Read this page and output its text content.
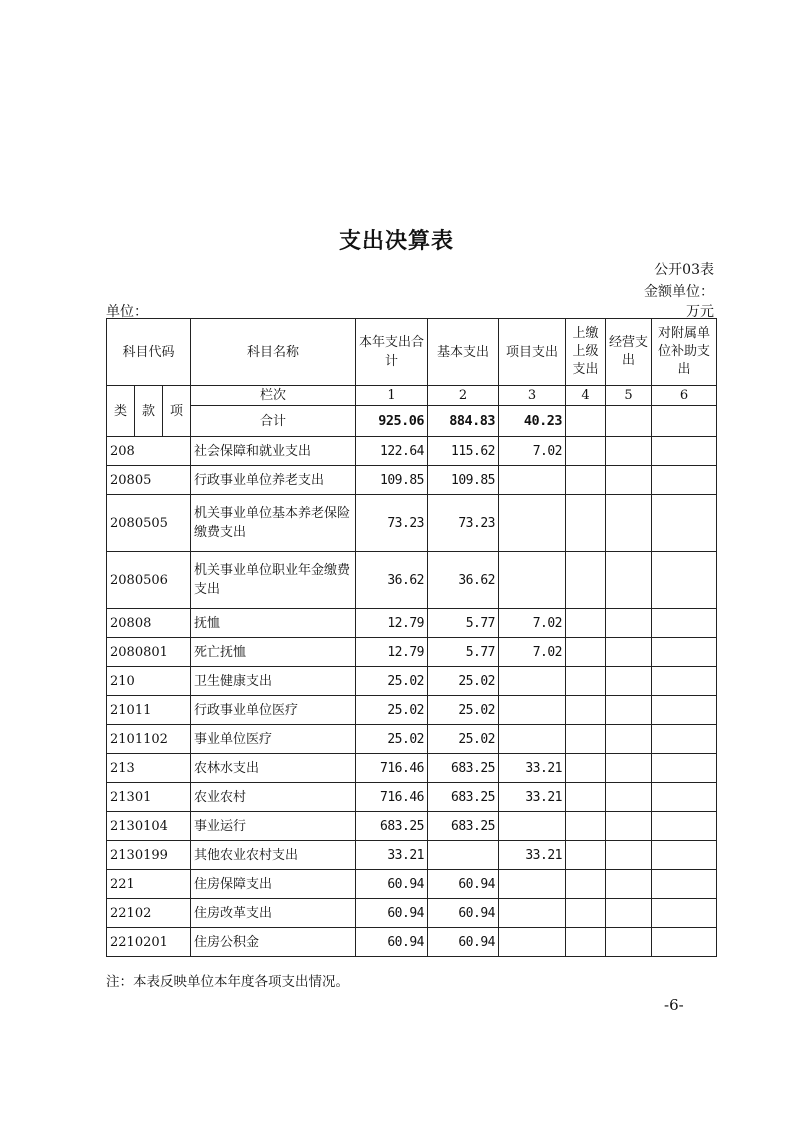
支出决算表
公开03表
金额单位：
万元
单位：
科目代码			科目名称	本年支出合计	基本支出	项目支出	上缴上级支出	经营支出	对附属单位补助支出
类	款	项	栏次	1	2	3	4	5	6
			合计	925.06	884.83	40.23			
208			社会保障和就业支出	122.64	115.62	7.02			
20805			行政事业单位养老支出	109.85	109.85				
2080505			机关事业单位基本养老保险缴费支出	73.23	73.23				
2080506			机关事业单位职业年金缴费支出	36.62	36.62				
20808			抚恤	12.79	5.77	7.02			
2080801			死亡抚恤	12.79	5.77	7.02			
210			卫生健康支出	25.02	25.02				
21011			行政事业单位医疗	25.02	25.02				
2101102			事业单位医疗	25.02	25.02				
213			农林水支出	716.46	683.25	33.21			
21301			农业农村	716.46	683.25	33.21			
2130104			事业运行	683.25	683.25				
2130199			其他农业农村支出	33.21		33.21			
221			住房保障支出	60.94	60.94				
22102			住房改革支出	60.94	60.94				
2210201			住房公积金	60.94	60.94				
注：本表反映单位本年度各项支出情况。
-6-
